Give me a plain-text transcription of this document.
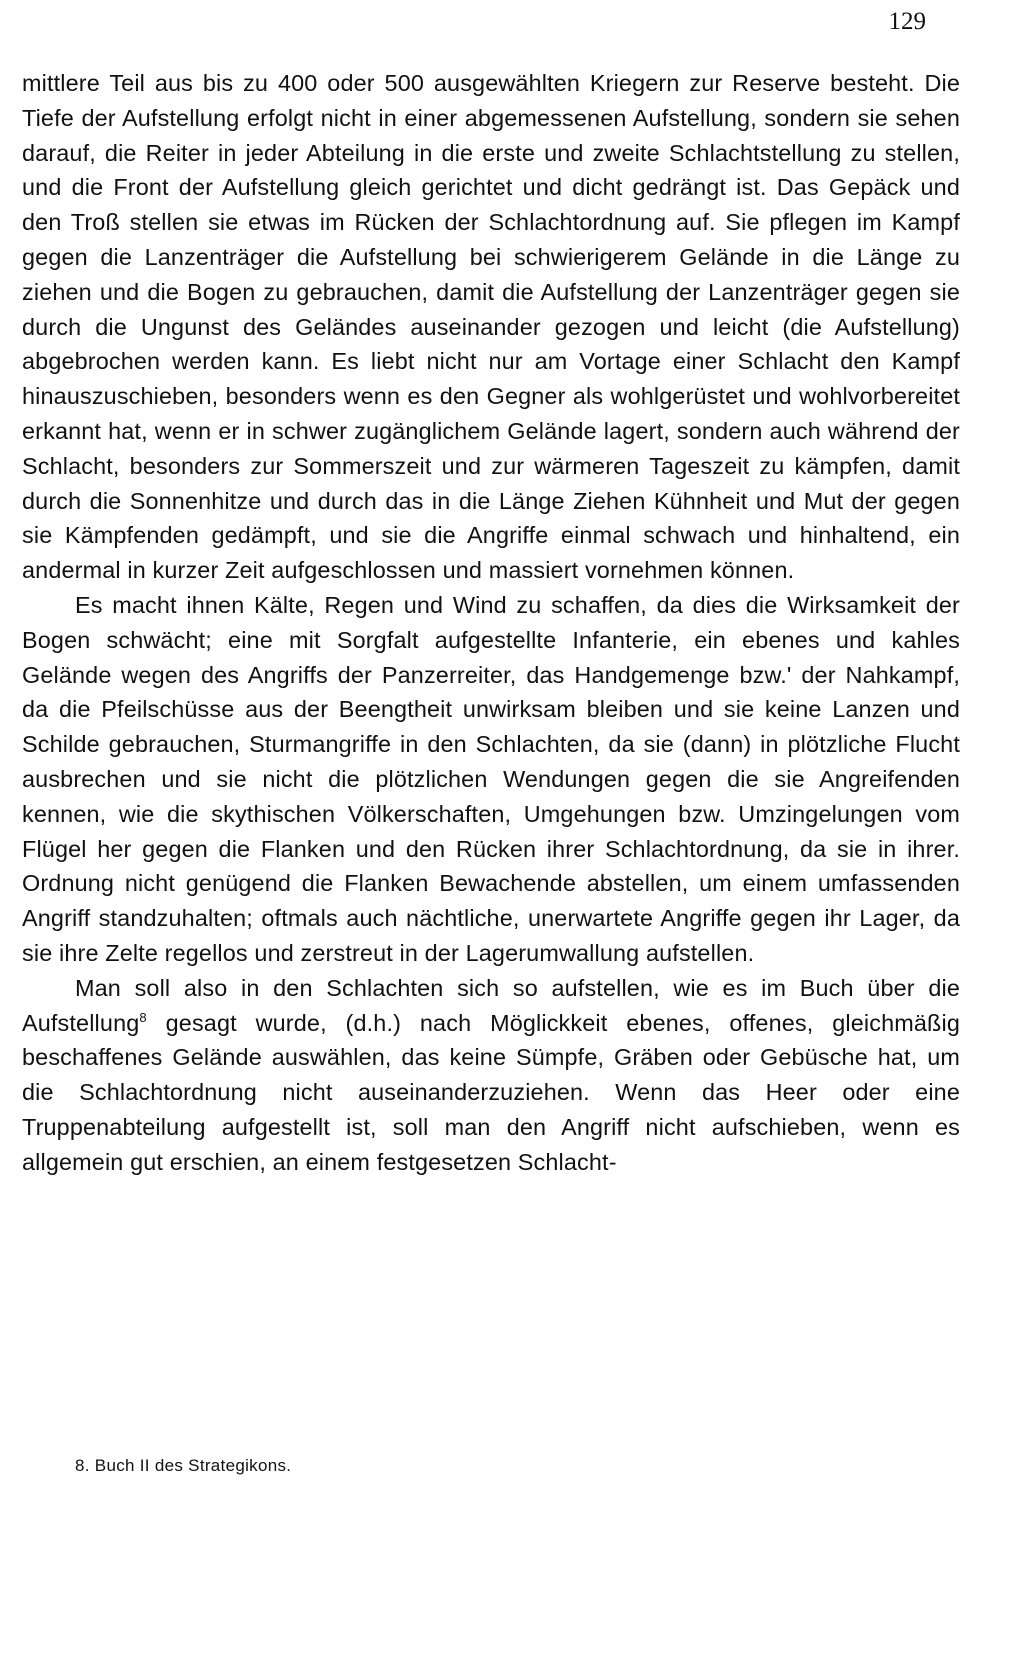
129

mittlere Teil aus bis zu 400 oder 500 ausgewählten Kriegern zur Reserve besteht. Die Tiefe der Aufstellung erfolgt nicht in einer abgemessenen Aufstellung, sondern sie sehen darauf, die Reiter in jeder Abteilung in die erste und zweite Schlachtstellung zu stellen, und die Front der Aufstellung gleich gerichtet und dicht gedrängt ist. Das Gepäck und den Troß stellen sie etwas im Rücken der Schlachtordnung auf. Sie pflegen im Kampf gegen die Lanzenträger die Aufstellung bei schwierigerem Gelände in die Länge zu ziehen und die Bogen zu gebrauchen, damit die Aufstellung der Lanzenträger gegen sie durch die Ungunst des Geländes auseinander gezogen und leicht (die Aufstellung) abgebrochen werden kann. Es liebt nicht nur am Vortage einer Schlacht den Kampf hinauszuschieben, besonders wenn es den Gegner als wohlgerüstet und wohlvorbereitet erkannt hat, wenn er in schwer zugänglichem Gelände lagert, sondern auch während der Schlacht, besonders zur Sommerszeit und zur wärmeren Tageszeit zu kämpfen, damit durch die Sonnenhitze und durch das in die Länge Ziehen Kühnheit und Mut der gegen sie Kämpfenden gedämpft, und sie die Angriffe einmal schwach und hinhaltend, ein andermal in kurzer Zeit aufgeschlossen und massiert vornehmen können.

Es macht ihnen Kälte, Regen und Wind zu schaffen, da dies die Wirksamkeit der Bogen schwächt; eine mit Sorgfalt aufgestellte Infanterie, ein ebenes und kahles Gelände wegen des Angriffs der Panzerreiter, das Handgemenge bzw.' der Nahkampf, da die Pfeilschüsse aus der Beengtheit unwirksam bleiben und sie keine Lanzen und Schilde gebrauchen, Sturmangriffe in den Schlachten, da sie (dann) in plötzliche Flucht ausbrechen und sie nicht die plötzlichen Wendungen gegen die sie Angreifenden kennen, wie die skythischen Völkerschaften, Umgehungen bzw. Umzingelungen vom Flügel her gegen die Flanken und den Rücken ihrer Schlachtordnung, da sie in ihrer. Ordnung nicht genügend die Flanken Bewachende abstellen, um einem umfassenden Angriff standzuhalten; oftmals auch nächtliche, unerwartete Angriffe gegen ihr Lager, da sie ihre Zelte regellos und zerstreut in der Lagerumwallung aufstellen.

Man soll also in den Schlachten sich so aufstellen, wie es im Buch über die Aufstellung$^8$ gesagt wurde, (d.h.) nach Möglickkeit ebenes, offenes, gleichmäßig beschaffenes Gelände auswählen, das keine Sümpfe, Gräben oder Gebüsche hat, um die Schlachtordnung nicht auseinanderzuziehen. Wenn das Heer oder eine Truppenabteilung aufgestellt ist, soll man den Angriff nicht aufschieben, wenn es allgemein gut erschien, an einem festgesetzen Schlacht-

8. Buch II des Strategikons.
